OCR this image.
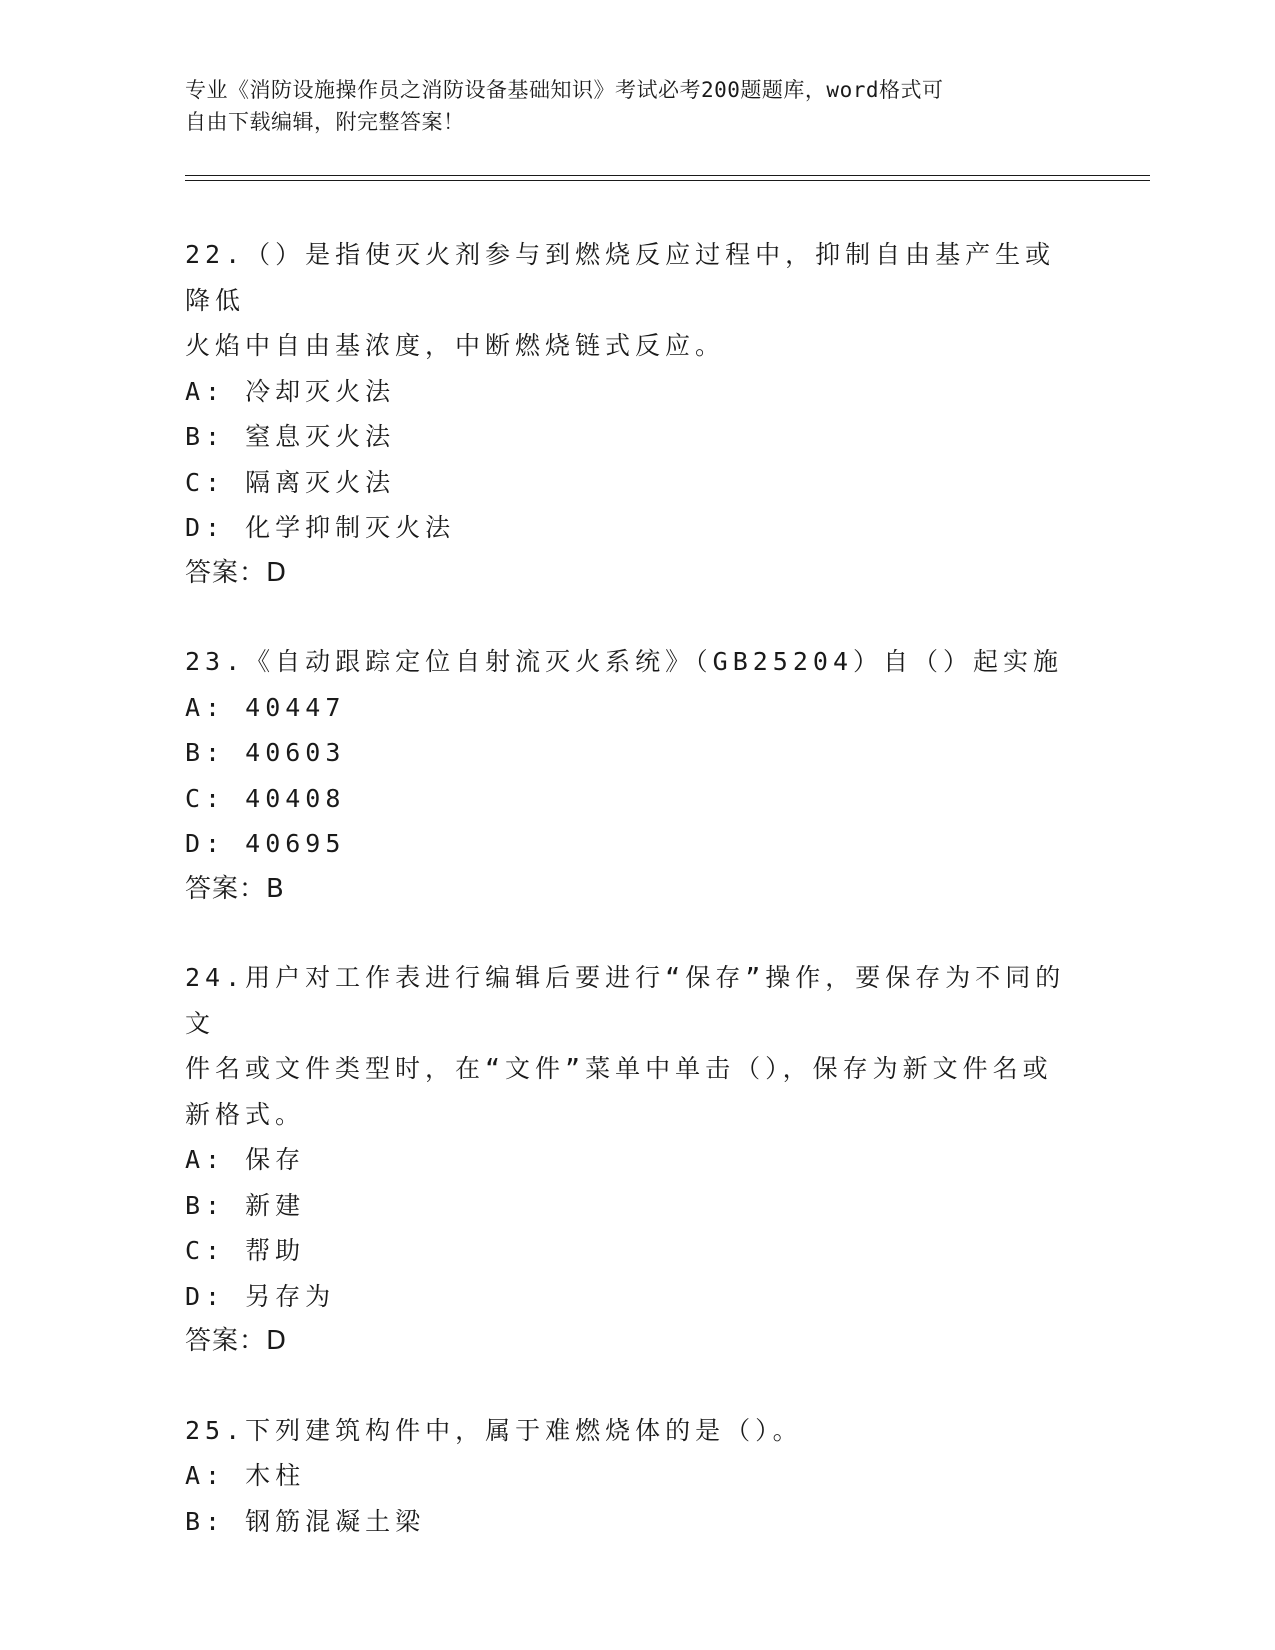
专业《消防设施操作员之消防设备基础知识》考试必考200题题库，word格式可
自由下载编辑，附完整答案！
22.（）是指使灭火剂参与到燃烧反应过程中，抑制自由基产生或降低
火焰中自由基浓度，中断燃烧链式反应。
A: 冷却灭火法
B: 窒息灭火法
C: 隔离灭火法
D: 化学抑制灭火法
答案：D
23.《自动跟踪定位自射流灭火系统》（GB25204）自（）起实施
A: 40447
B: 40603
C: 40408
D: 40695
答案：B
24.用户对工作表进行编辑后要进行“保存”操作，要保存为不同的文
件名或文件类型时，在“文件”菜单中单击（），保存为新文件名或
新格式。
A: 保存
B: 新建
C: 帮助
D: 另存为
答案：D
25.下列建筑构件中，属于难燃烧体的是（）。
A: 木柱
B: 钢筋混凝土梁
